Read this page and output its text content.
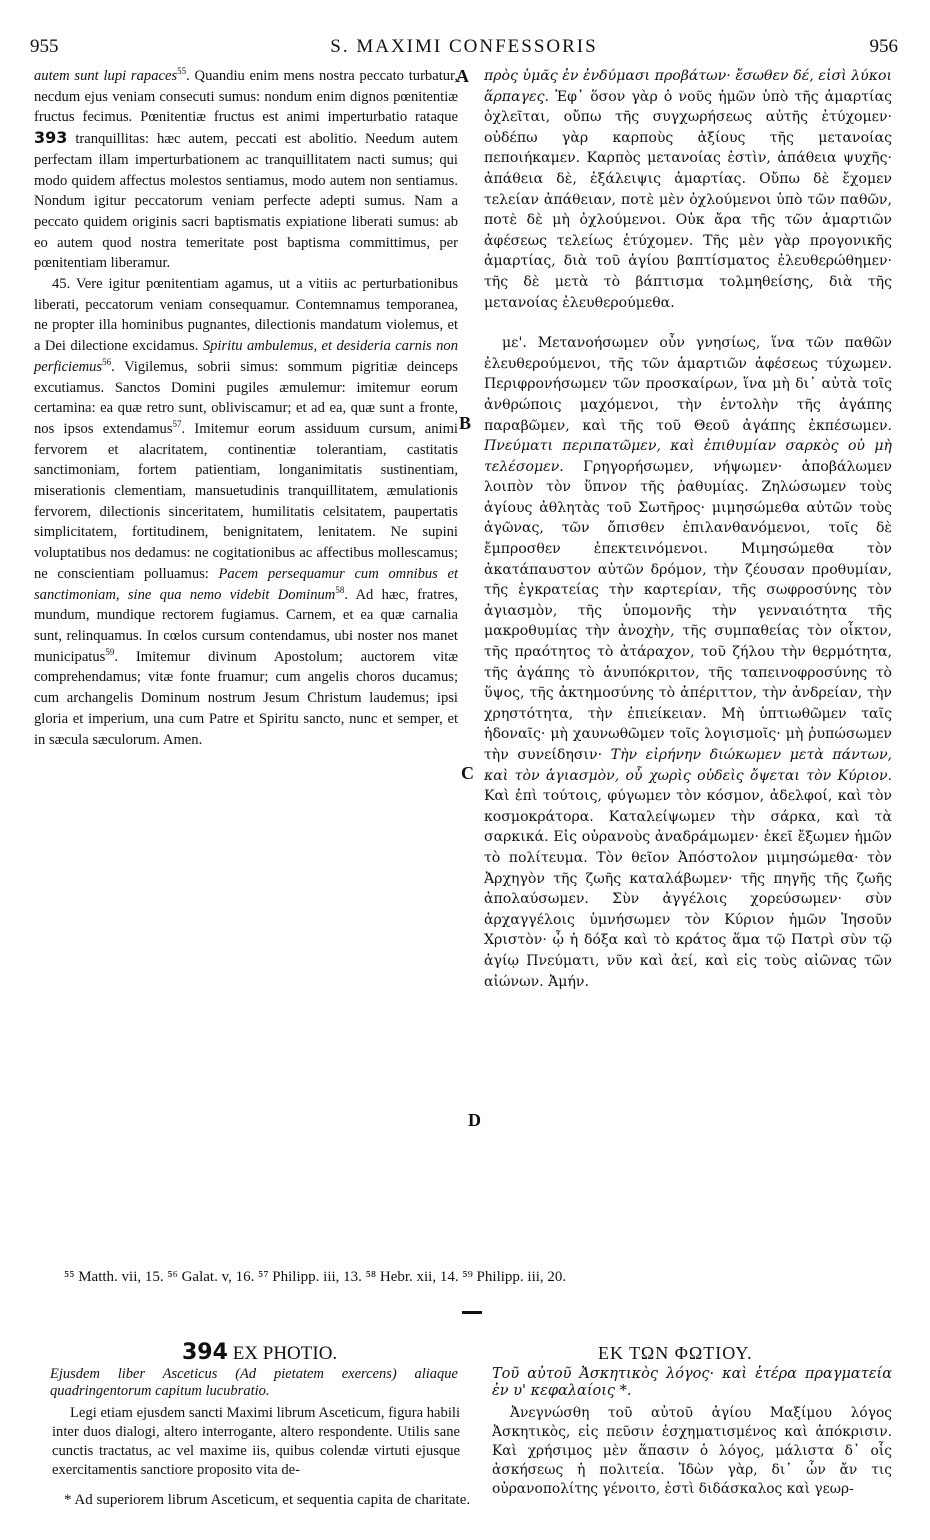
955	S. MAXIMI CONFESSORIS	956
A
B
C
D

autem sunt lupi rapaces$^{55}$. Quandiu enim mens nostra peccato turbatur, necdum ejus veniam consecuti sumus: nondum enim dignos pœnitentiæ fructus fecimus. Pœnitentiæ fructus est animi imperturbatio rataque 393 tranquillitas: hæc autem, peccati est abolitio. Needum autem perfectam illam imperturbationem ac tranquillitatem nacti sumus; qui modo quidem affectus molestos sentiamus, modo autem non sentiamus. Nondum igitur peccatorum veniam perfecte adepti sumus. Nam a peccato quidem originis sacri baptismatis expiatione liberati sumus: ab eo autem quod nostra temeritate post baptisma committimus, per pœnitentiam liberamur.

45. Vere igitur pœnitentiam agamus, ut a vitiis ac perturbationibus liberati, peccatorum veniam consequamur. Contemnamus temporanea, ne propter illa hominibus pugnantes, dilectionis mandatum violemus, et a Dei dilectione excidamus. Spiritu ambulemus, et desideria carnis non perficiemus$^{56}$. Vigilemus, sobrii simus: sommum pigritiæ deinceps excutiamus. Sanctos Domini pugiles æmulemur: imitemur eorum certamina: ea quæ retro sunt, obliviscamur; et ad ea, quæ sunt a fronte, nos ipsos extendamus$^{57}$. Imitemur eorum assiduum cursum, animi fervorem et alacritatem, continentiæ tolerantiam, castitatis sanctimoniam, fortem patientiam, longanimitatis sustinentiam, miserationis clementiam, mansuetudinis tranquillitatem, æmulationis fervorem, dilectionis sinceritatem, humilitatis celsitatem, paupertatis simplicitatem, fortitudinem, benignitatem, lenitatem. Ne supini voluptatibus nos dedamus: ne cogitationibus ac affectibus mollescamus; ne conscientiam polluamus: Pacem persequamur cum omnibus et sanctimoniam, sine qua nemo videbit Dominum$^{58}$. Ad hæc, fratres, mundum, mundique rectorem fugiamus. Carnem, et ea quæ carnalia sunt, relinquamus. In cœlos cursum contendamus, ubi noster nos manet municipatus$^{59}$. Imitemur divinum Apostolum; auctorem vitæ comprehendamus; vitæ fonte fruamur; cum angelis choros ducamus; cum archangelis Dominum nostrum Jesum Christum laudemus; ipsi gloria et imperium, una cum Patre et Spiritu sancto, nunc et semper, et in sæcula sæculorum. Amen.

πρὸς ὑμᾶς ἐν ἐνδύμασι προβάτων· ἔσωθεν δέ, εἰσὶ λύκοι ἅρπαγες. Ἐφ᾽ ὅσον γὰρ ὁ νοῦς ἡμῶν ὑπὸ τῆς ἁμαρτίας ὀχλεῖται, οὔπω τῆς συγχωρήσεως αὐτῆς ἐτύχομεν· οὐδέπω γὰρ καρποὺς ἀξίους τῆς μετανοίας πεποιήκαμεν. Καρπὸς μετανοίας ἐστὶν, ἀπάθεια ψυχῆς· ἀπάθεια δὲ, ἐξάλειψις ἁμαρτίας. Οὔπω δὲ ἔχομεν τελείαν ἀπάθειαν, ποτὲ μὲν ὀχλούμενοι ὑπὸ τῶν παθῶν, ποτὲ δὲ μὴ ὀχλούμενοι. Οὐκ ἄρα τῆς τῶν ἁμαρτιῶν ἀφέσεως τελείως ἐτύχομεν. Τῆς μὲν γὰρ προγονικῆς ἁμαρτίας, διὰ τοῦ ἁγίου βαπτίσματος ἐλευθερώθημεν· τῆς δὲ μετὰ τὸ βάπτισμα τολμηθείσης, διὰ τῆς μετανοίας ἐλευθερούμεθα.

με'. Μετανοήσωμεν οὖν γνησίως, ἵνα τῶν παθῶν ἐλευθερούμενοι, τῆς τῶν ἁμαρτιῶν ἀφέσεως τύχωμεν. Περιφρονήσωμεν τῶν προσκαίρων, ἵνα μὴ δι᾽ αὐτὰ τοῖς ἀνθρώποις μαχόμενοι, τὴν ἐντολὴν τῆς ἀγάπης παραβῶμεν, καὶ τῆς τοῦ Θεοῦ ἀγάπης ἐκπέσωμεν. Πνεύματι περιπατῶμεν, καὶ ἐπιθυμίαν σαρκὸς οὐ μὴ τελέσομεν. Γρηγορήσωμεν, νήψωμεν· ἀποβάλωμεν λοιπὸν τὸν ὕπνον τῆς ῥαθυμίας. Ζηλώσωμεν τοὺς ἁγίους ἀθλητὰς τοῦ Σωτῆρος· μιμησώμεθα αὐτῶν τοὺς ἀγῶνας, τῶν ὄπισθεν ἐπιλανθανόμενοι, τοῖς δὲ ἔμπροσθεν ἐπεκτεινόμενοι. Μιμησώμεθα τὸν ἀκατάπαυστον αὐτῶν δρόμον, τὴν ζέουσαν προθυμίαν, τῆς ἐγκρατείας τὴν καρτερίαν, τῆς σωφροσύνης τὸν ἁγιασμὸν, τῆς ὑπομονῆς τὴν γενναιότητα τῆς μακροθυμίας τὴν ἀνοχὴν, τῆς συμπαθείας τὸν οἶκτον, τῆς πραότητος τὸ ἀτάραχον, τοῦ ζήλου τὴν θερμότητα, τῆς ἀγάπης τὸ ἀνυπόκριτον, τῆς ταπεινοφροσύνης τὸ ὕψος, τῆς ἀκτημοσύνης τὸ ἀπέριττον, τὴν ἀνδρείαν, τὴν χρηστότητα, τὴν ἐπιείκειαν. Μὴ ὑπτιωθῶμεν ταῖς ἡδοναῖς· μὴ χαυνωθῶμεν τοῖς λογισμοῖς· μὴ ῥυπώσωμεν τὴν συνείδησιν· Τὴν εἰρήνην διώκωμεν μετὰ πάντων, καὶ τὸν ἁγιασμὸν, οὗ χωρὶς οὐδεὶς ὄψεται τὸν Κύριον. Καὶ ἐπὶ τούτοις, φύγωμεν τὸν κόσμον, ἀδελφοί, καὶ τὸν κοσμοκράτορα. Καταλείψωμεν τὴν σάρκα, καὶ τὰ σαρκικά. Εἰς οὐρανοὺς ἀναδράμωμεν· ἐκεῖ ἔξωμεν ἡμῶν τὸ πολίτευμα. Τὸν θεῖον Ἀπόστολον μιμησώμεθα· τὸν Ἀρχηγὸν τῆς ζωῆς καταλάβωμεν· τῆς πηγῆς τῆς ζωῆς ἀπολαύσωμεν. Σὺν ἀγγέλοις χορεύσωμεν· σὺν ἀρχαγγέλοις ὑμνήσωμεν τὸν Κύριον ἡμῶν Ἰησοῦν Χριστὸν· ᾧ ἡ δόξα καὶ τὸ κράτος ἅμα τῷ Πατρὶ σὺν τῷ ἁγίῳ Πνεύματι, νῦν καὶ ἀεί, καὶ εἰς τοὺς αἰῶνας τῶν αἰώνων. Ἀμήν.

⁵⁵ Matth. vii, 15. ⁵⁶ Galat. v, 16. ⁵⁷ Philipp. iii, 13. ⁵⁸ Hebr. xii, 14. ⁵⁹ Philipp. iii, 20.
394 EX PHOTIO.	ΕΚ ΤΩΝ ΦΩΤΙΟΥ.
Ejusdem liber Asceticus (Ad pietatem exercens) aliaque quadringentorum capitum lucubratio.
Τοῦ αὐτοῦ Ἀσκητικὸς λόγος· καὶ ἑτέρα πραγματεία ἐν υ' κεφαλαίοις *.
Legi etiam ejusdem sancti Maximi librum Asceticum, figura habili inter duos dialogi, altero interrogante, altero respondente. Utilis sane cunctis tractatus, ac vel maxime iis, quibus colendæ virtuti ejusque exercitamentis sanctiore proposito vita de-
Ἀνεγνώσθη τοῦ αὐτοῦ ἁγίου Μαξίμου λόγος Ἀσκητικὸς, εἰς πεῦσιν ἐσχηματισμένος καὶ ἀπόκρισιν. Καὶ χρήσιμος μὲν ἅπασιν ὁ λόγος, μάλιστα δ᾽ οἷς ἀσκήσεως ἡ πολιτεία. Ἰδὼν γὰρ, δι᾽ ὧν ἄν τις οὐρανοπολίτης γένοιτο, ἐστὶ διδάσκαλος καὶ γεωρ-
* Ad superiorem librum Asceticum, et sequentia capita de charitate.
